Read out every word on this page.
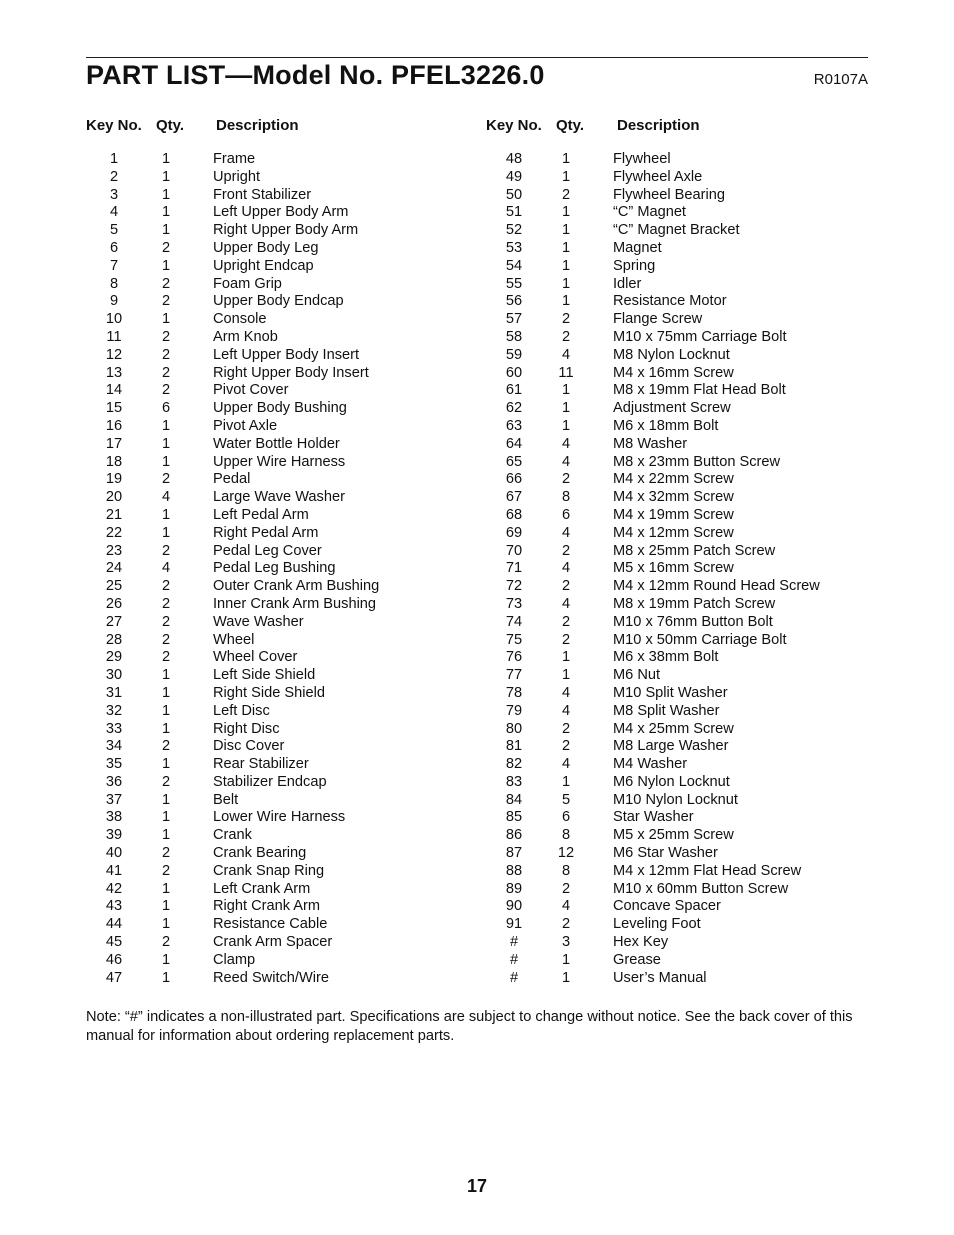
PART LIST—Model No. PFEL3226.0	R0107A
Key No. Qty. Description
1	1	Frame
2	1	Upright
3	1	Front Stabilizer
4	1	Left Upper Body Arm
5	1	Right Upper Body Arm
6	2	Upper Body Leg
7	1	Upright Endcap
8	2	Foam Grip
9	2	Upper Body Endcap
10	1	Console
11	2	Arm Knob
12	2	Left Upper Body Insert
13	2	Right Upper Body Insert
14	2	Pivot Cover
15	6	Upper Body Bushing
16	1	Pivot Axle
17	1	Water Bottle Holder
18	1	Upper Wire Harness
19	2	Pedal
20	4	Large Wave Washer
21	1	Left Pedal Arm
22	1	Right Pedal Arm
23	2	Pedal Leg Cover
24	4	Pedal Leg Bushing
25	2	Outer Crank Arm Bushing
26	2	Inner Crank Arm Bushing
27	2	Wave Washer
28	2	Wheel
29	2	Wheel Cover
30	1	Left Side Shield
31	1	Right Side Shield
32	1	Left Disc
33	1	Right Disc
34	2	Disc Cover
35	1	Rear Stabilizer
36	2	Stabilizer Endcap
37	1	Belt
38	1	Lower Wire Harness
39	1	Crank
40	2	Crank Bearing
41	2	Crank Snap Ring
42	1	Left Crank Arm
43	1	Right Crank Arm
44	1	Resistance Cable
45	2	Crank Arm Spacer
46	1	Clamp
47	1	Reed Switch/Wire
Key No. Qty. Description
48	1	Flywheel
49	1	Flywheel Axle
50	2	Flywheel Bearing
51	1	“C” Magnet
52	1	“C” Magnet Bracket
53	1	Magnet
54	1	Spring
55	1	Idler
56	1	Resistance Motor
57	2	Flange Screw
58	2	M10 x 75mm Carriage Bolt
59	4	M8 Nylon Locknut
60	11	M4 x 16mm Screw
61	1	M8 x 19mm Flat Head Bolt
62	1	Adjustment Screw
63	1	M6 x 18mm Bolt
64	4	M8 Washer
65	4	M8 x 23mm Button Screw
66	2	M4 x 22mm Screw
67	8	M4 x 32mm Screw
68	6	M4 x 19mm Screw
69	4	M4 x 12mm Screw
70	2	M8 x 25mm Patch Screw
71	4	M5 x 16mm Screw
72	2	M4 x 12mm Round Head Screw
73	4	M8 x 19mm Patch Screw
74	2	M10 x 76mm Button Bolt
75	2	M10 x 50mm Carriage Bolt
76	1	M6 x 38mm Bolt
77	1	M6 Nut
78	4	M10 Split Washer
79	4	M8 Split Washer
80	2	M4 x 25mm Screw
81	2	M8 Large Washer
82	4	M4 Washer
83	1	M6 Nylon Locknut
84	5	M10 Nylon Locknut
85	6	Star Washer
86	8	M5 x 25mm Screw
87	12	M6 Star Washer
88	8	M4 x 12mm Flat Head Screw
89	2	M10 x 60mm Button Screw
90	4	Concave Spacer
91	2	Leveling Foot
#	3	Hex Key
#	1	Grease
#	1	User’s Manual
Note: “#” indicates a non-illustrated part. Specifications are subject to change without notice. See the back cover of this manual for information about ordering replacement parts.
17
